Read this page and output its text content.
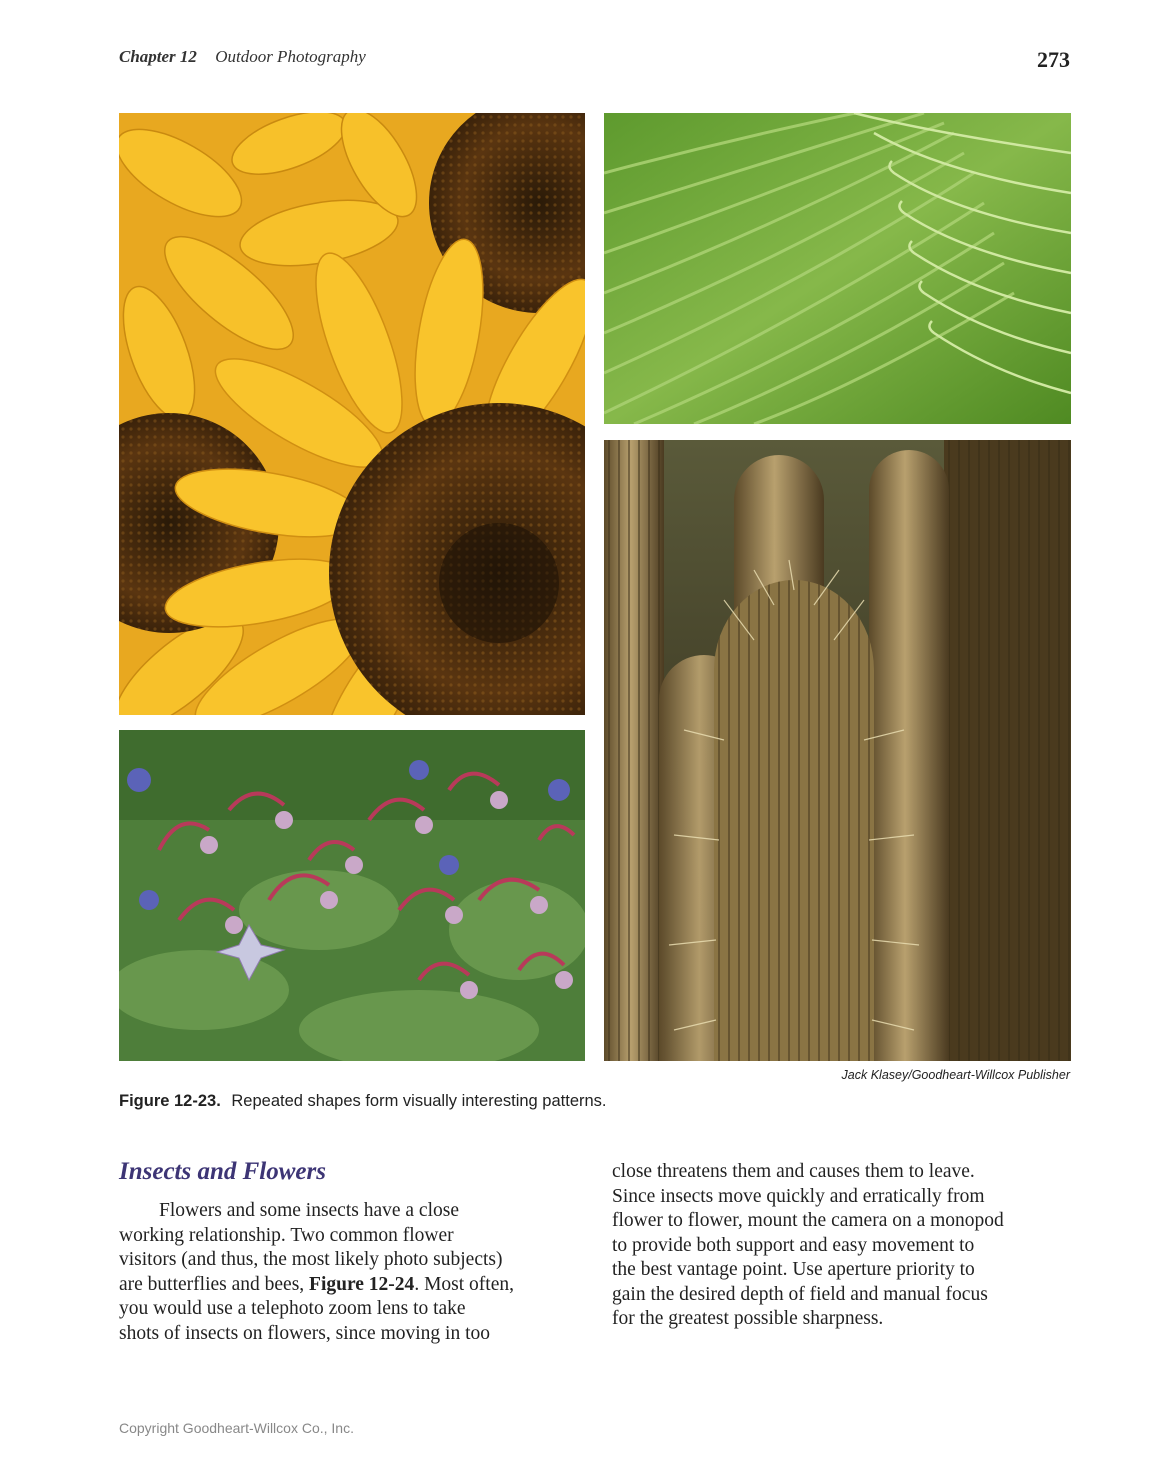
Chapter 12 Outdoor Photography	273
Jack Klasey/Goodheart-Willcox Publisher
Figure 12-23. Repeated shapes form visually interesting patterns.
Insects and Flowers
Flowers and some insects have a close
working relationship. Two common flower
visitors (and thus, the most likely photo subjects)
are butterflies and bees, Figure 12-24. Most often,
you would use a telephoto zoom lens to take
shots of insects on flowers, since moving in too
close threatens them and causes them to leave.
Since insects move quickly and erratically from
flower to flower, mount the camera on a monopod
to provide both support and easy movement to
the best vantage point. Use aperture priority to
gain the desired depth of field and manual focus
for the greatest possible sharpness.
Copyright Goodheart-Willcox Co., Inc.
